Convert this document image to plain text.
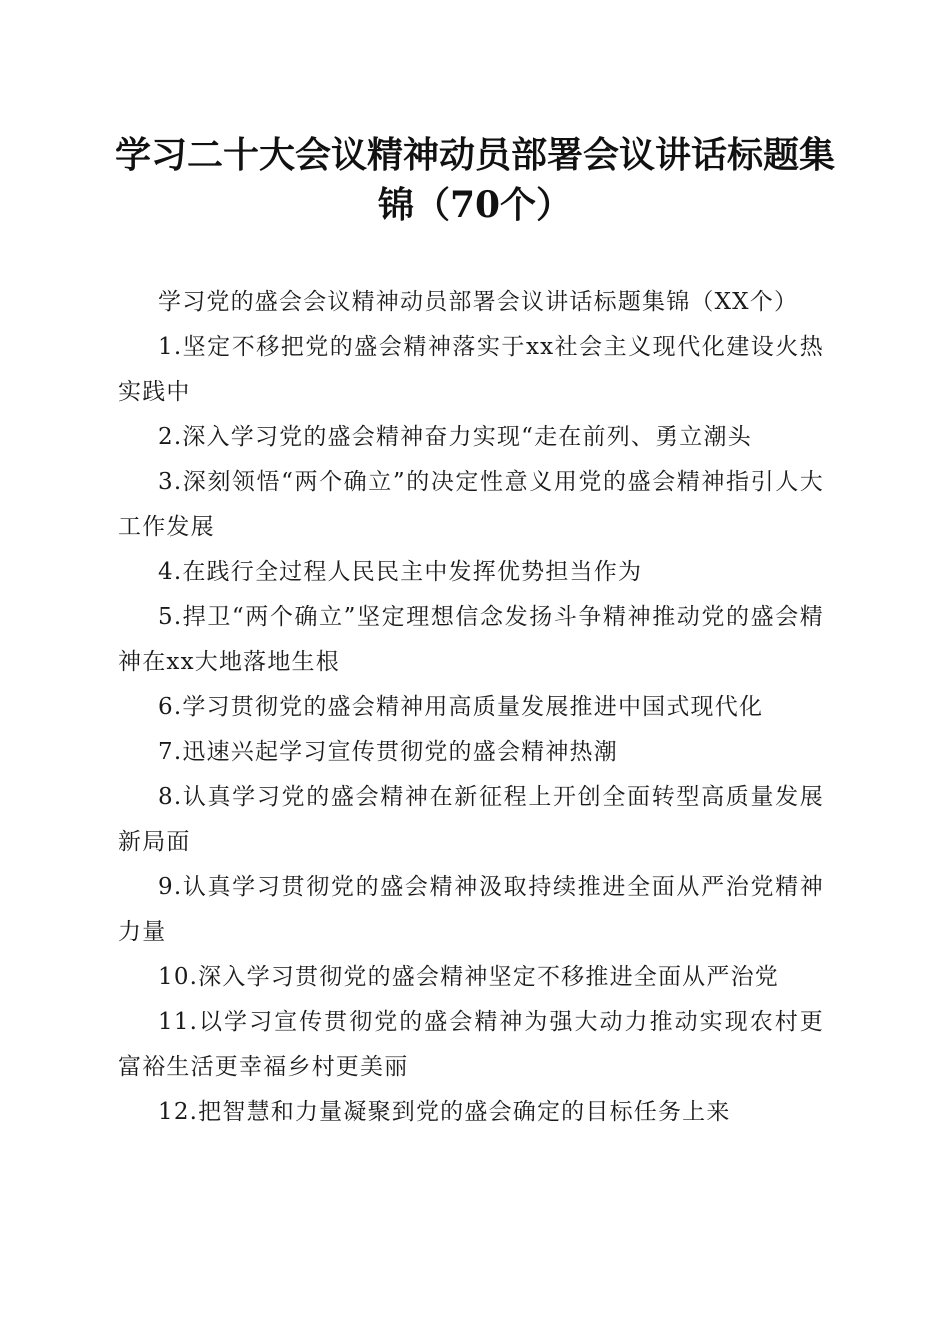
学习二十大会议精神动员部署会议讲话标题集锦（70个）

学习党的盛会会议精神动员部署会议讲话标题集锦（XX个）

1.坚定不移把党的盛会精神落实于xx社会主义现代化建设火热实践中

2.深入学习党的盛会精神奋力实现“走在前列、勇立潮头

3.深刻领悟“两个确立”的决定性意义用党的盛会精神指引人大工作发展

4.在践行全过程人民民主中发挥优势担当作为

5.捍卫“两个确立”坚定理想信念发扬斗争精神推动党的盛会精神在xx大地落地生根

6.学习贯彻党的盛会精神用高质量发展推进中国式现代化

7.迅速兴起学习宣传贯彻党的盛会精神热潮

8.认真学习党的盛会精神在新征程上开创全面转型高质量发展新局面

9.认真学习贯彻党的盛会精神汲取持续推进全面从严治党精神力量

10.深入学习贯彻党的盛会精神坚定不移推进全面从严治党

11.以学习宣传贯彻党的盛会精神为强大动力推动实现农村更富裕生活更幸福乡村更美丽

12.把智慧和力量凝聚到党的盛会确定的目标任务上来
